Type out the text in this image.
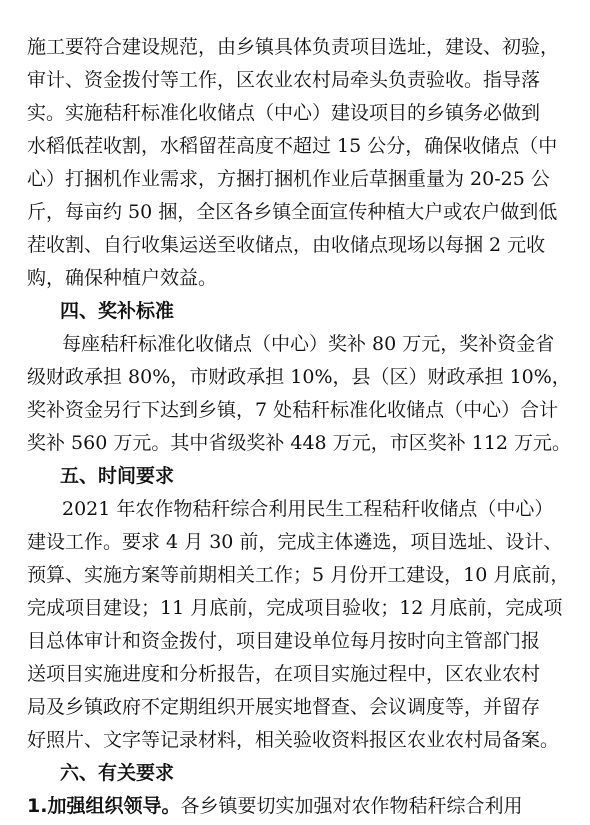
施工要符合建设规范，由乡镇具体负责项目选址，建设、初验，
审计、资金拨付等工作，区农业农村局牵头负责验收。指导落
实。实施秸秆标准化收储点（中心）建设项目的乡镇务必做到
水稻低茬收割，水稻留茬高度不超过 15 公分，确保收储点（中
心）打捆机作业需求，方捆打捆机作业后草捆重量为 20-25 公
斤，每亩约 50 捆，全区各乡镇全面宣传种植大户或农户做到低
茬收割、自行收集运送至收储点，由收储点现场以每捆 2 元收
购，确保种植户效益。
四、奖补标准
每座秸秆标准化收储点（中心）奖补 80 万元，奖补资金省
级财政承担 80%，市财政承担 10%，县（区）财政承担 10%，
奖补资金另行下达到乡镇，7 处秸秆标准化收储点（中心）合计
奖补 560 万元。其中省级奖补 448 万元，市区奖补 112 万元。
五、时间要求
2021 年农作物秸秆综合利用民生工程秸秆收储点（中心）
建设工作。要求 4 月 30 前，完成主体遴选，项目选址、设计、
预算、实施方案等前期相关工作；5 月份开工建设，10 月底前，
完成项目建设；11 月底前，完成项目验收；12 月底前，完成项
目总体审计和资金拨付，项目建设单位每月按时向主管部门报
送项目实施进度和分析报告，在项目实施过程中，区农业农村
局及乡镇政府不定期组织开展实地督查、会议调度等，并留存
好照片、文字等记录材料，相关验收资料报区农业农村局备案。
六、有关要求
1.加强组织领导。各乡镇要切实加强对农作物秸秆综合利用
